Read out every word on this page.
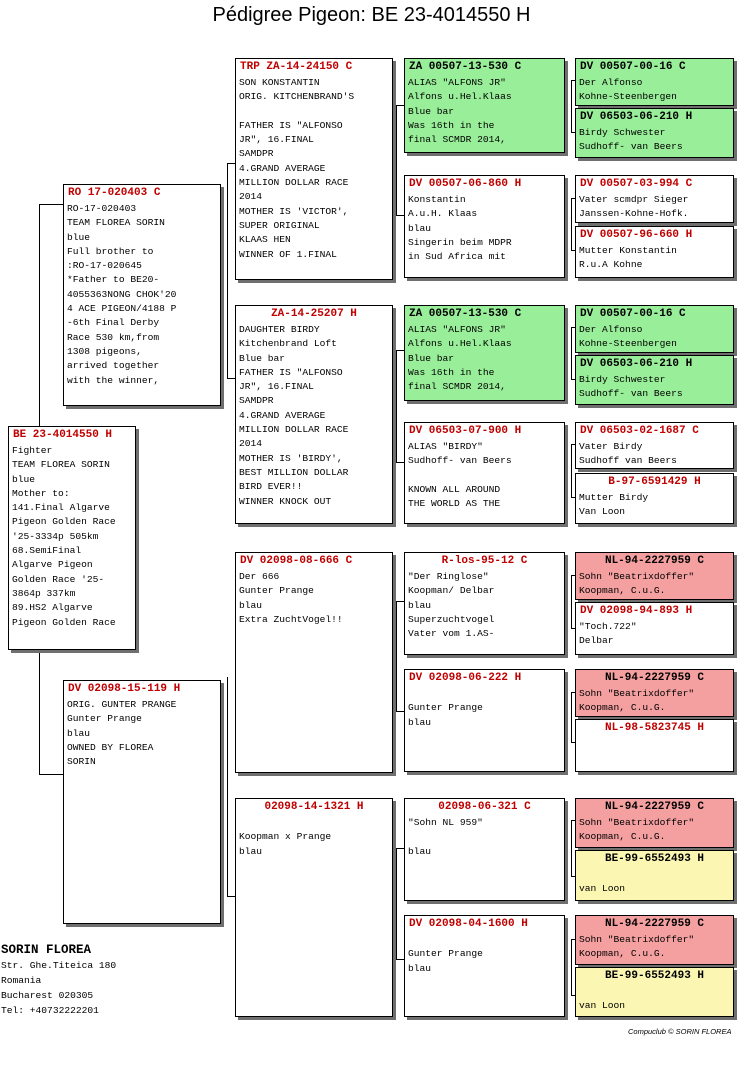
Pédigree Pigeon: BE 23-4014550 H
BE 23-4014550 H
Fighter
TEAM FLOREA SORIN
blue
Mother to:
141.Final Algarve
Pigeon Golden Race
'25-3334p 505km
68.SemiFinal
Algarve Pigeon
Golden Race '25-
3864p 337km
89.HS2 Algarve
Pigeon Golden Race
RO 17-020403 C
RO-17-020403
TEAM FLOREA SORIN
blue
Full brother to
:RO-17-020645
*Father to BE20-
4055363NONG CHOK'20
4 ACE PIGEON/4188 P
-6th Final Derby
Race 530 km,from
1308 pigeons,
arrived together
with the winner,
DV 02098-15-119 H
ORIG. GUNTER PRANGE
Gunter Prange
blau
OWNED BY FLOREA
SORIN
TRP ZA-14-24150 C
SON KONSTANTIN
ORIG. KITCHENBRAND'S

FATHER IS "ALFONSO
JR", 16.FINAL
SAMDPR
4.GRAND AVERAGE
MILLION DOLLAR RACE
2014
MOTHER IS 'VICTOR',
SUPER ORIGINAL
KLAAS HEN
WINNER OF 1.FINAL
ZA-14-25207 H
DAUGHTER BIRDY
Kitchenbrand Loft
Blue bar
FATHER IS "ALFONSO
JR", 16.FINAL
SAMDPR
4.GRAND AVERAGE
MILLION DOLLAR RACE
2014
MOTHER IS 'BIRDY',
BEST MILLION DOLLAR
BIRD EVER!!
WINNER KNOCK OUT
DV 02098-08-666 C
Der 666
Gunter Prange
blau
Extra ZuchtVogel!!
02098-14-1321 H

Koopman x Prange
blau
ZA 00507-13-530 C
ALIAS "ALFONS JR"
Alfons u.Hel.Klaas
Blue bar
Was 16th in the
final SCMDR 2014,
DV 00507-06-860 H
Konstantin
A.u.H. Klaas
blau
Singerin beim MDPR
in Sud Africa mit
ZA 00507-13-530 C
ALIAS "ALFONS JR"
Alfons u.Hel.Klaas
Blue bar
Was 16th in the
final SCMDR 2014,
DV 06503-07-900 H
ALIAS "BIRDY"
Sudhoff- van Beers

KNOWN ALL AROUND
THE WORLD AS THE
R-los-95-12 C
"Der Ringlose"
Koopman/ Delbar
blau
Superzuchtvogel
Vater vom 1.AS-
DV 02098-06-222 H

Gunter Prange
blau
02098-06-321 C
"Sohn NL 959"

blau
DV 02098-04-1600 H

Gunter Prange
blau
DV 00507-00-16 C
Der Alfonso
Kohne-Steenbergen
DV 06503-06-210 H
Birdy Schwester
Sudhoff- van Beers
DV 00507-03-994 C
Vater scmdpr Sieger
Janssen-Kohne-Hofk.
DV 00507-96-660 H
Mutter Konstantin
R.u.A Kohne
DV 00507-00-16 C
Der Alfonso
Kohne-Steenbergen
DV 06503-06-210 H
Birdy Schwester
Sudhoff- van Beers
DV 06503-02-1687 C
Vater Birdy
Sudhoff van Beers
B-97-6591429 H
Mutter Birdy
Van Loon
NL-94-2227959 C
Sohn "Beatrixdoffer"
Koopman, C.u.G.
DV 02098-94-893 H
"Toch.722"
Delbar
NL-94-2227959 C
Sohn "Beatrixdoffer"
Koopman, C.u.G.
NL-98-5823745 H
NL-94-2227959 C
Sohn "Beatrixdoffer"
Koopman, C.u.G.
BE-99-6552493 H

van Loon
NL-94-2227959 C
Sohn "Beatrixdoffer"
Koopman, C.u.G.
BE-99-6552493 H

van Loon
SORIN FLOREA
Str. Ghe.Titeica 180
Romania
Bucharest 020305
Tel: +40732222201
Compuclub © SORIN FLOREA
